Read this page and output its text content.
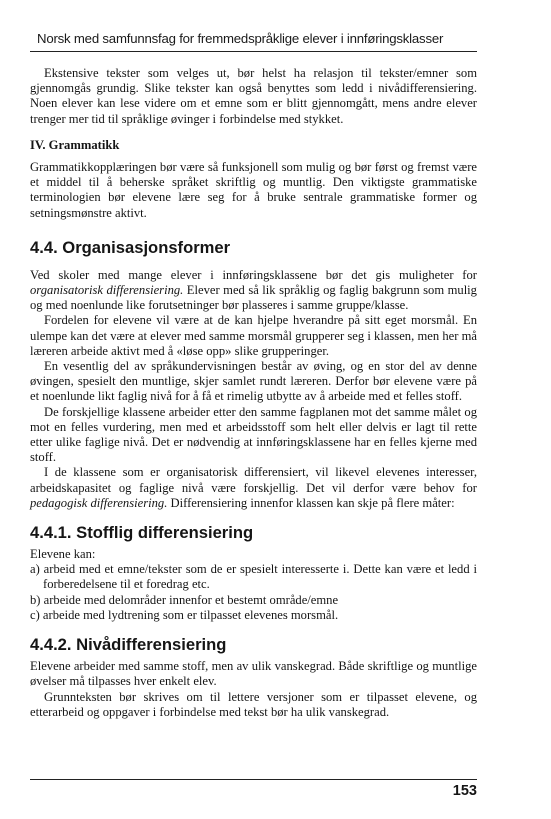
Norsk med samfunnsfag for fremmedspråklige elever i innføringsklasser

Ekstensive tekster som velges ut, bør helst ha relasjon til tekster/emner som gjennomgås grundig. Slike tekster kan også benyttes som ledd i nivådifferensiering. Noen elever kan lese videre om et emne som er blitt gjennomgått, mens andre elever trenger mer tid til språklige øvinger i forbindelse med stykket.

IV. Grammatikk

Grammatikkopplæringen bør være så funksjonell som mulig og bør først og fremst være et middel til å beherske språket skriftlig og muntlig. Den viktigste grammatiske terminologien bør elevene lære seg for å bruke sentrale grammatiske former og setningsmønstre aktivt.

4.4. Organisasjonsformer

Ved skoler med mange elever i innføringsklassene bør det gis muligheter for organisatorisk differensiering. Elever med så lik språklig og faglig bakgrunn som mulig og med noenlunde like forutsetninger bør plasseres i samme gruppe/klasse.

Fordelen for elevene vil være at de kan hjelpe hverandre på sitt eget morsmål. En ulempe kan det være at elever med samme morsmål grupperer seg i klassen, men her må læreren arbeide aktivt med å «løse opp» slike grupperinger.

En vesentlig del av språkundervisningen består av øving, og en stor del av denne øvingen, spesielt den muntlige, skjer samlet rundt læreren. Derfor bør elevene være på et noenlunde likt faglig nivå for å få et rimelig utbytte av å arbeide med et felles stoff.

De forskjellige klassene arbeider etter den samme fagplanen mot det samme målet og mot en felles vurdering, men med et arbeidsstoff som helt eller delvis er lagt til rette etter ulike faglige nivå. Det er nødvendig at innføringsklassene har en felles kjerne med stoff.

I de klassene som er organisatorisk differensiert, vil likevel elevenes interesser, arbeidskapasitet og faglige nivå være forskjellig. Det vil derfor være behov for pedagogisk differensiering. Differensiering innenfor klassen kan skje på flere måter:

4.4.1. Stofflig differensiering

Elevene kan:

a) arbeid med et emne/tekster som de er spesielt interesserte i. Dette kan være et ledd i forberedelsene til et foredrag etc.

b) arbeide med delområder innenfor et bestemt område/emne

c) arbeide med lydtrening som er tilpasset elevenes morsmål.

4.4.2. Nivådifferensiering

Elevene arbeider med samme stoff, men av ulik vanskegrad. Både skriftlige og muntlige øvelser må tilpasses hver enkelt elev.

Grunnteksten bør skrives om til lettere versjoner som er tilpasset elevene, og etterarbeid og oppgaver i forbindelse med tekst bør ha ulik vanskegrad.

153
